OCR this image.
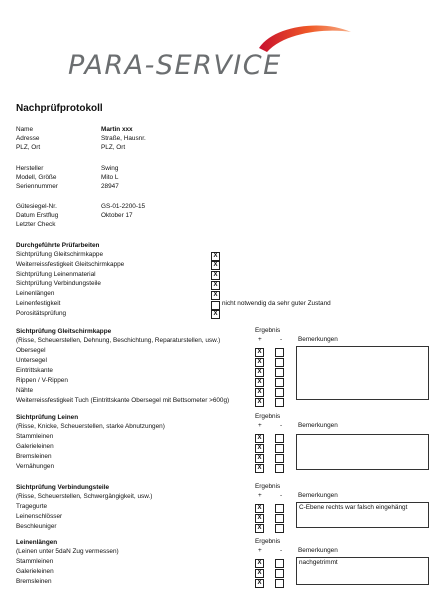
PARA-SERVICE
Nachprüfprotokoll
Name	Martin xxx
Adresse	Straße, Hausnr.
PLZ, Ort	PLZ, Ort
Hersteller	Swing
Modell, Größe	Mito L
Seriennummer	28947
Gütesiegel-Nr.	GS-01-2200-15
Datum Erstflug	Oktober 17
Letzter Check
Durchgeführte Prüfarbeiten
Sichtprüfung Gleitschirmkappe	X
Weiterreissfestigkeit Gleitschirmkappe	X
Sichtprüfung Leinenmaterial	X
Sichtprüfung Verbindungsteile	X
Leinenlängen	X
Leinenfestigkeit	nicht notwendig da sehr guter Zustand
Porositätsprüfung	X
Sichtprüfung Gleitschirmkappe
(Risse, Scheuerstellen, Dehnung, Beschichtung, Reparaturstellen, usw.)
Ergebnis
+	- Bemerkungen
Obersegel	X
Untersegel	X
Eintrittskante	X
Rippen / V-Rippen	X
Nähte	X
Weiterreissfestigkeit Tuch (Eintrittskante Obersegel mit Bettsometer >600g)	X
Sichtprüfung Leinen
(Risse, Knicke, Scheuerstellen, starke Abnutzungen)
Ergebnis
+	- Bemerkungen
Stammleinen	X
Galerieleinen	X
Bremsleinen	X
Vernähungen	X
Sichtprüfung Verbindungsteile
(Risse, Scheuerstellen, Schwergängigkeit, usw.)
Ergebnis
+	- Bemerkungen
C-Ebene rechts war falsch eingehängt
Tragegurte	X
Leinenschlösser	X
Beschleuniger	X
Leinenlängen
(Leinen unter 5daN Zug vermessen)
Ergebnis
+	- Bemerkungen
nachgetrimmt
Stammleinen	X
Galerieleinen	X
Bremsleinen	X
